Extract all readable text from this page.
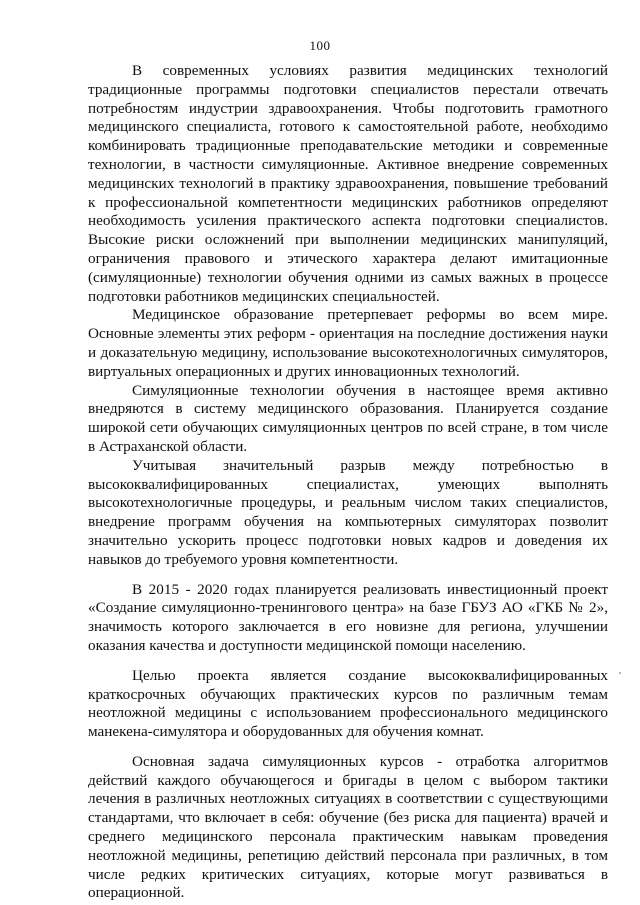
100

В современных условиях развития медицинских технологий традиционные программы подготовки специалистов перестали отвечать потребностям индустрии здравоохранения. Чтобы подготовить грамотного медицинского специалиста, готового к самостоятельной работе, необходимо комбинировать традиционные преподавательские методики и современные технологии, в частности симуляционные. Активное внедрение современных медицинских технологий в практику здравоохранения, повышение требований к профессиональной компетентности медицинских работников определяют необходимость усиления практического аспекта подготовки специалистов. Высокие риски осложнений при выполнении медицинских манипуляций, ограничения правового и этического характера делают имитационные (симуляционные) технологии обучения одними из самых важных в процессе подготовки работников медицинских специальностей.

Медицинское образование претерпевает реформы во всем мире. Основные элементы этих реформ - ориентация на последние достижения науки и доказательную медицину, использование высокотехнологичных симуляторов, виртуальных операционных и других инновационных технологий.

Симуляционные технологии обучения в настоящее время активно внедряются в систему медицинского образования. Планируется создание широкой сети обучающих симуляционных центров по всей стране, в том числе в Астраханской области.

Учитывая значительный разрыв между потребностью в высококвалифицированных специалистах, умеющих выполнять высокотехнологичные процедуры, и реальным числом таких специалистов, внедрение программ обучения на компьютерных симуляторах позволит значительно ускорить процесс подготовки новых кадров и доведения их навыков до требуемого уровня компетентности.

В 2015 - 2020 годах планируется реализовать инвестиционный проект «Создание симуляционно-тренингового центра» на базе ГБУЗ АО «ГКБ № 2», значимость которого заключается в его новизне для региона, улучшении оказания качества и доступности медицинской помощи населению.

Целью проекта является создание высококвалифицированных краткосрочных обучающих практических курсов по различным темам неотложной медицины с использованием профессионального медицинского манекена-симулятора и оборудованных для обучения комнат.

Основная задача симуляционных курсов - отработка алгоритмов действий каждого обучающегося и бригады в целом с выбором тактики лечения в различных неотложных ситуациях в соответствии с существующими стандартами, что включает в себя: обучение (без риска для пациента) врачей и среднего медицинского персонала практическим навыкам проведения неотложной медицины, репетицию действий персонала при различных, в том числе редких критических ситуациях, которые могут развиваться в операционной.
